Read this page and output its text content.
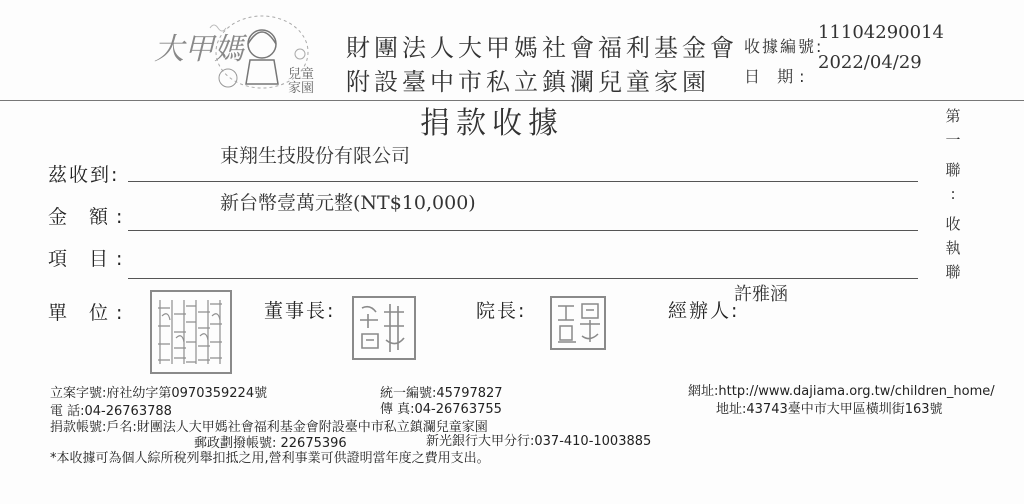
大甲媽
兒童家園
財團法人大甲媽社會福利基金會
附設臺中市私立鎮瀾兒童家園
收據編號:
11104290014
日 期:
2022/04/29
捐款收據	第
一
聯
:
收
執
聯
茲收到:
東翔生技股份有限公司
金 額:
新台幣壹萬元整(NT$10,000)
項 目:
單 位:	董事長:	院長:	經辦人:
許雅涵
立案字號:府社幼字第0970359224號	統一編號:45797827	網址:http://www.dajiama.org.tw/children_home/
電 話:04-26763788	傳 真:04-26763755	地址:43743臺中市大甲區橫圳街163號
捐款帳號:戶名:財團法人大甲媽社會福利基金會附設臺中市私立鎮瀾兒童家園
郵政劃撥帳號: 22675396	新光銀行大甲分行:037-410-1003885
*本收據可為個人綜所稅列舉扣抵之用,營利事業可供證明當年度之費用支出。
